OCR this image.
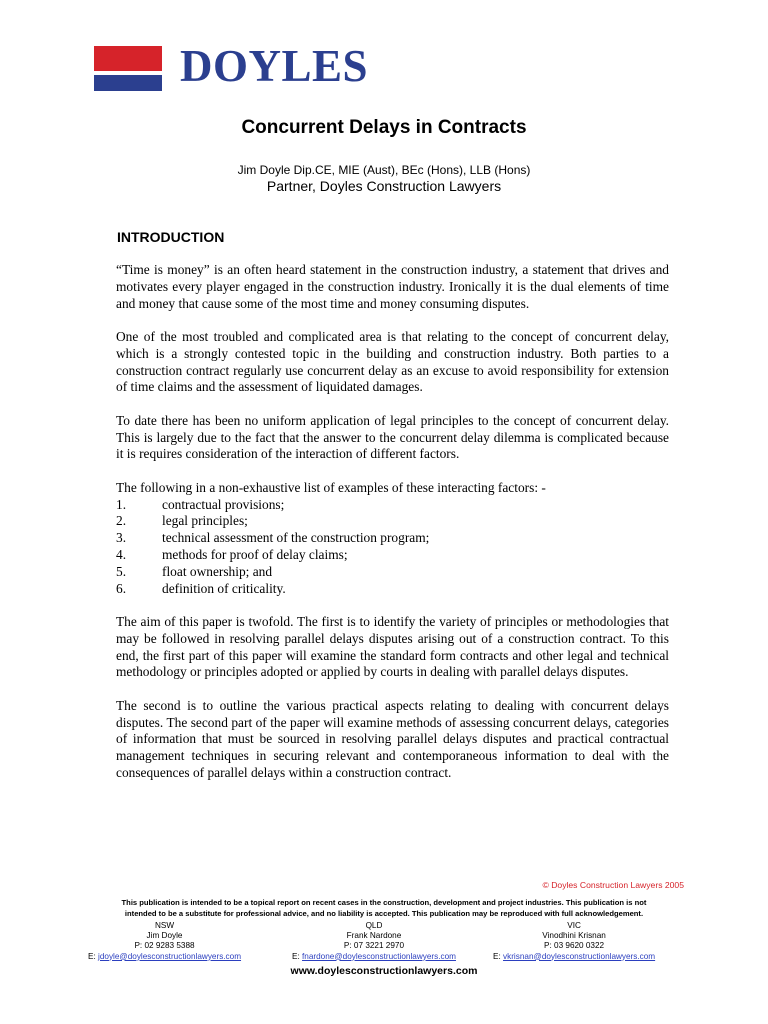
DOYLES
Concurrent Delays in Contracts
Jim Doyle Dip.CE, MIE (Aust), BEc (Hons), LLB (Hons)
Partner, Doyles Construction Lawyers
INTRODUCTION

“Time is money” is an often heard statement in the construction industry, a statement that drives and motivates every player engaged in the construction industry. Ironically it is the dual elements of time and money that cause some of the most time and money consuming disputes.

One of the most troubled and complicated area is that relating to the concept of concurrent delay, which is a strongly contested topic in the building and construction industry. Both parties to a construction contract regularly use concurrent delay as an excuse to avoid responsibility for extension of time claims and the assessment of liquidated damages.

To date there has been no uniform application of legal principles to the concept of concurrent delay. This is largely due to the fact that the answer to the concurrent delay dilemma is complicated because it is requires consideration of the interaction of different factors.

The following in a non-exhaustive list of examples of these interacting factors: -

1.	contractual provisions;
2.	legal principles;
3.	technical assessment of the construction program;
4.	methods for proof of delay claims;
5.	float ownership; and
6.	definition of criticality.

The aim of this paper is twofold. The first is to identify the variety of principles or methodologies that may be followed in resolving parallel delays disputes arising out of a construction contract. To this end, the first part of this paper will examine the standard form contracts and other legal and technical methodology or principles adopted or applied by courts in dealing with parallel delays disputes.

The second is to outline the various practical aspects relating to dealing with concurrent delays disputes. The second part of the paper will examine methods of assessing concurrent delays, categories of information that must be sourced in resolving parallel delays disputes and practical contractual management techniques in securing relevant and contemporaneous information to deal with the consequences of parallel delays within a construction contract.

© Doyles Construction Lawyers 2005
This publication is intended to be a topical report on recent cases in the construction, development and project industries. This publication is not
intended to be a substitute for professional advice, and no liability is accepted. This publication may be reproduced with full acknowledgement.
NSW
Jim Doyle
P: 02 9283 5388
E: jdoyle@doylesconstructionlawyers.com
QLD
Frank Nardone
P: 07 3221 2970
E: fnardone@doylesconstructionlawyers.com
VIC
Vinodhini Krisnan
P: 03 9620 0322
E: vkrisnan@doylesconstructionlawyers.com
www.doylesconstructionlawyers.com
